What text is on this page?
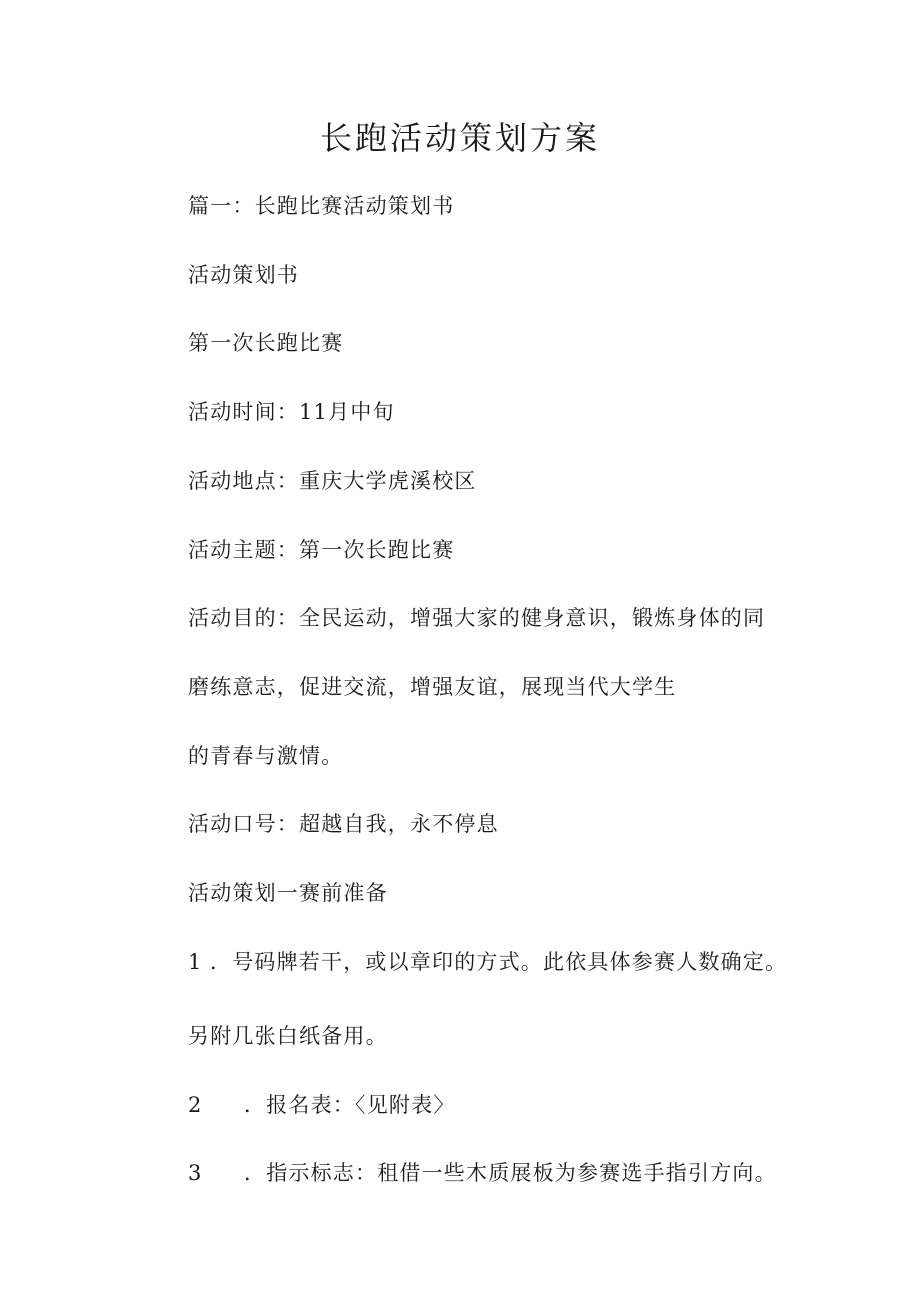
长跑活动策划方案

篇一：长跑比赛活动策划书

活动策划书

第一次长跑比赛

活动时间：11月中旬

活动地点：重庆大学虎溪校区

活动主题：第一次长跑比赛

活动目的：全民运动，增强大家的健身意识，锻炼身体的同

磨练意志，促进交流，增强友谊，展现当代大学生

的青春与激情。

活动口号：超越自我，永不停息

活动策划一赛前准备

1 ．号码牌若干，或以章印的方式。此依具体参赛人数确定。

另附几张白纸备用。

2 ．报名表：〈见附表〉

3 ．指示标志：租借一些木质展板为参赛选手指引方向。
